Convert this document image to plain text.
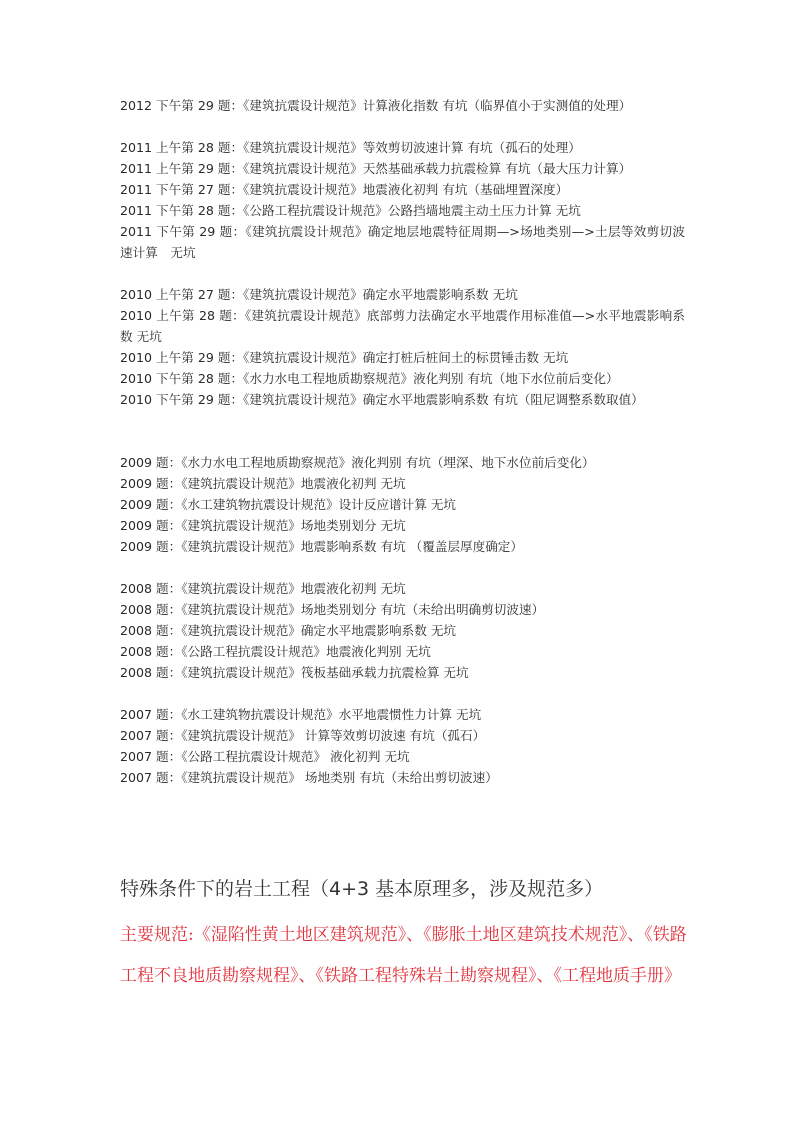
2012 下午第 29 题：《建筑抗震设计规范》计算液化指数 有坑（临界值小于实测值的处理）
2011 上午第 28 题：《建筑抗震设计规范》等效剪切波速计算 有坑（孤石的处理）
2011 上午第 29 题：《建筑抗震设计规范》天然基础承载力抗震检算 有坑（最大压力计算）
2011 下午第 27 题：《建筑抗震设计规范》地震液化初判 有坑（基础埋置深度）
2011 下午第 28 题：《公路工程抗震设计规范》公路挡墙地震主动土压力计算 无坑
2011 下午第 29 题：《建筑抗震设计规范》确定地层地震特征周期—>场地类别—>土层等效剪切波速计算　无坑
2010 上午第 27 题：《建筑抗震设计规范》确定水平地震影响系数 无坑
2010 上午第 28 题：《建筑抗震设计规范》底部剪力法确定水平地震作用标准值—>水平地震影响系数 无坑
2010 上午第 29 题：《建筑抗震设计规范》确定打桩后桩间土的标贯锤击数 无坑
2010 下午第 28 题：《水力水电工程地质勘察规范》液化判别 有坑（地下水位前后变化）
2010 下午第 29 题：《建筑抗震设计规范》确定水平地震影响系数 有坑（阻尼调整系数取值）
2009 题：《水力水电工程地质勘察规范》液化判别 有坑（埋深、地下水位前后变化）
2009 题：《建筑抗震设计规范》地震液化初判 无坑
2009 题：《水工建筑物抗震设计规范》设计反应谱计算 无坑
2009 题：《建筑抗震设计规范》场地类别划分 无坑
2009 题：《建筑抗震设计规范》地震影响系数 有坑 （覆盖层厚度确定）
2008 题：《建筑抗震设计规范》地震液化初判 无坑
2008 题：《建筑抗震设计规范》场地类别划分 有坑（未给出明确剪切波速）
2008 题：《建筑抗震设计规范》确定水平地震影响系数 无坑
2008 题：《公路工程抗震设计规范》地震液化判别 无坑
2008 题：《建筑抗震设计规范》筏板基础承载力抗震检算 无坑
2007 题：《水工建筑物抗震设计规范》水平地震惯性力计算 无坑
2007 题：《建筑抗震设计规范》 计算等效剪切波速 有坑（孤石）
2007 题：《公路工程抗震设计规范》 液化初判 无坑
2007 题：《建筑抗震设计规范》 场地类别 有坑（未给出剪切波速）
特殊条件下的岩土工程（4+3 基本原理多，涉及规范多）
主要规范:《湿陷性黄土地区建筑规范》、《膨胀土地区建筑技术规范》、《铁路工程不良地质勘察规程》、《铁路工程特殊岩土勘察规程》、《工程地质手册》
